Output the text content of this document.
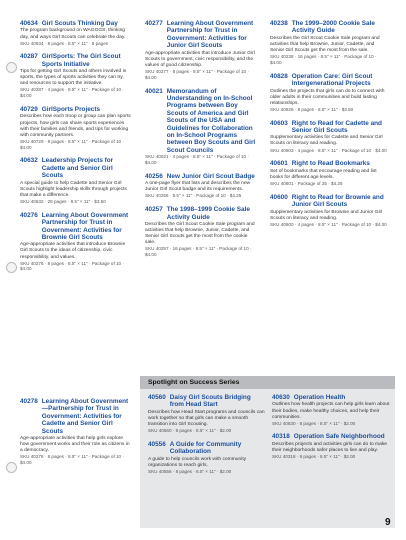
40634 Girl Scouts Thinking Day
The program background on WAGGGS, thinking day, and ways Girl Scouts can celebrate the day.
SKU 40634 · 8 pages · 8.5" × 11" · 8 pages
40287 GirlSports: The Girl Scout Sports Initiative
Tips for getting Girl Scouts and others involved in sports, the types of sports activities they can try, and resources to support the initiative.
SKU 40287 · 4 pages · 8.5" × 11" · Package of 10 · $4.00
40729 GirlSports Projects
Describes how each troop or group can plan sports projects, how girls can share sports experiences with their families and friends, and tips for working with community partners.
SKU 40729 · 8 pages · 8.5" × 11" · Package of 10 · $4.00
40632 Leadership Projects for Cadette and Senior Girl Scouts
A special guide to help Cadette and Senior Girl Scouts highlight leadership skills through projects that make a difference.
SKU 40632 · 28 pages · 8.5" × 11" · $3.50
40276 Learning About Government Partnership for Trust in Government: Activities for Brownie Girl Scouts
Age-appropriate activities that introduce Brownie Girl Scouts to the ideas of citizenship, civic responsibility, and values.
SKU 40276 · 8 pages · 8.5" × 11" · Package of 10 · $4.00
40278 Learning About Government—Partnership for Trust in Government: Activities for Cadette and Senior Girl Scouts
Age-appropriate activities that help girls explore how government works and their role as citizens in a democracy.
SKU 40278 · 8 pages · 8.5" × 11" · Package of 10 · $4.00
40277 Learning About Government Partnership for Trust in Government: Activities for Junior Girl Scouts
Age-appropriate activities that introduce Junior Girl Scouts to government, civic responsibility, and the values of good citizenship.
SKU 40277 · 8 pages · 8.5" × 11" · Package of 10 · $4.00
40021 Memorandum of Understanding on In-School Programs between Boy Scouts of America and Girl Scouts of the USA and Guidelines for Collaboration on In-School Programs between Boy Scouts and Girl Scout Councils
SKU 40021 · 4 pages · 8.5" × 11" · Package of 10 · $4.00
40256 New Junior Girl Scout Badge
A one-page flyer that lists and describes the new Junior Girl Scout badge and its requirements.
SKU 40256 · 8.5" × 11" · Package of 10 · $4.25
40257 The 1998–1999 Cookie Sale Activity Guide
Describes the Girl Scout Cookie Sale program and activities that help Brownie, Junior, Cadette, and Senior Girl Scouts get the most from the cookie sale.
SKU 40257 · 16 pages · 8.5" × 11" · Package of 10 · $4.00
40238 The 1999–2000 Cookie Sale Activity Guide
Describes the Girl Scout Cookie Sale program and activities that help Brownie, Junior, Cadette, and Senior Girl Scouts get the most from the sale.
SKU 40238 · 16 pages · 8.5" × 11" · Package of 10 · $4.00
40828 Operation Care: Girl Scout Intergenerational Projects
Outlines the projects that girls can do to connect with older adults in their communities and build lasting relationships.
SKU 40828 · 8 pages · 8.5" × 11" · $3.50
40603 Right to Read for Cadette and Senior Girl Scouts
Supplementary activities for Cadette and Senior Girl Scouts on literacy and reading.
SKU 40603 · 4 pages · 8.5" × 11" · Package of 10 · $4.00
40601 Right to Read Bookmarks
Set of bookmarks that encourage reading and list books for different age levels.
SKU 40601 · Package of 25 · $4.25
40600 Right to Read for Brownie and Junior Girl Scouts
Supplementary activities for Brownie and Junior Girl Scouts on literacy and reading.
SKU 40600 · 4 pages · 8.5" × 11" · Package of 10 · $4.00
Spotlight on Success Series
40560 Daisy Girl Scouts Bridging from Head Start
Describes how Head Start programs and councils can work together so that girls can make a smooth transition into Girl Scouting.
SKU 40560 · 8 pages · 8.5" × 11" · $2.00
40556 A Guide for Community Collaboration
A guide to help councils work with community organizations to reach girls.
SKU 40556 · 8 pages · 8.5" × 11" · $2.00
40630 Operation Health
Outlines how health projects can help girls learn about their bodies, make healthy choices, and help their communities.
SKU 40630 · 8 pages · 8.5" × 11" · $2.00
40318 Operation Safe Neighborhood
Describes projects and activities girls can do to make their neighborhoods safer places to live and play.
SKU 40318 · 8 pages · 8.5" × 11" · $2.00
9
